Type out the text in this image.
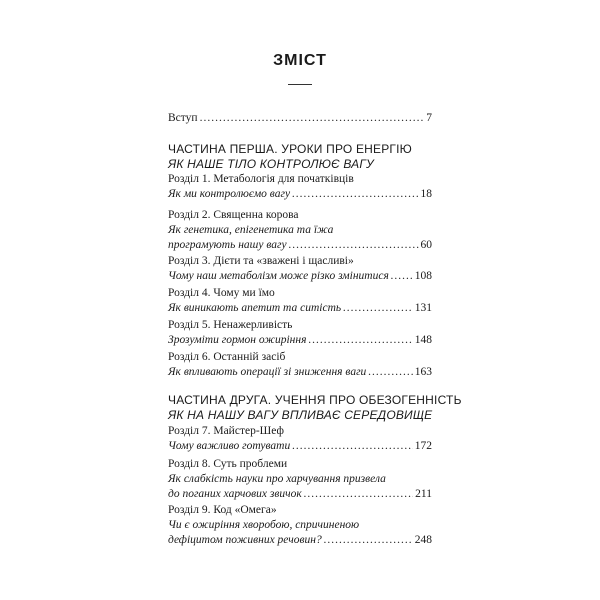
ЗМІСТ
Вступ .....	7
ЧАСТИНА ПЕРША. УРОКИ ПРО ЕНЕРГІЮ
ЯК НАШЕ ТІЛО КОНТРОЛЮЄ ВАГУ
Розділ 1. Метабологія для початківців
Як ми контролюємо вагу .....	18
Розділ 2. Священна корова
Як генетика, епігенетика та їжа
програмують нашу вагу .....	60
Розділ 3. Дієти та «зважені і щасливі»
Чому наш метаболізм може різко змінитися ..... 108
Розділ 4. Чому ми їмо
Як виникають апетит та ситість .....	131
Розділ 5. Ненажерливість
Зрозуміти гормон ожиріння .....	148
Розділ 6. Останній засіб
Як впливають операції зі зниження ваги .....	163
ЧАСТИНА ДРУГА. УЧЕННЯ ПРО ОБЕЗОГЕННІСТЬ
ЯК НА НАШУ ВАГУ ВПЛИВАЄ СЕРЕДОВИЩЕ
Розділ 7. Майстер-Шеф
Чому важливо готувати .....	172
Розділ 8. Суть проблеми
Як слабкість науки про харчування призвела
до поганих харчових звичок .....	211
Розділ 9. Код «Омега»
Чи є ожиріння хворобою, спричиненою
дефіцитом поживних речовин? .....	248
